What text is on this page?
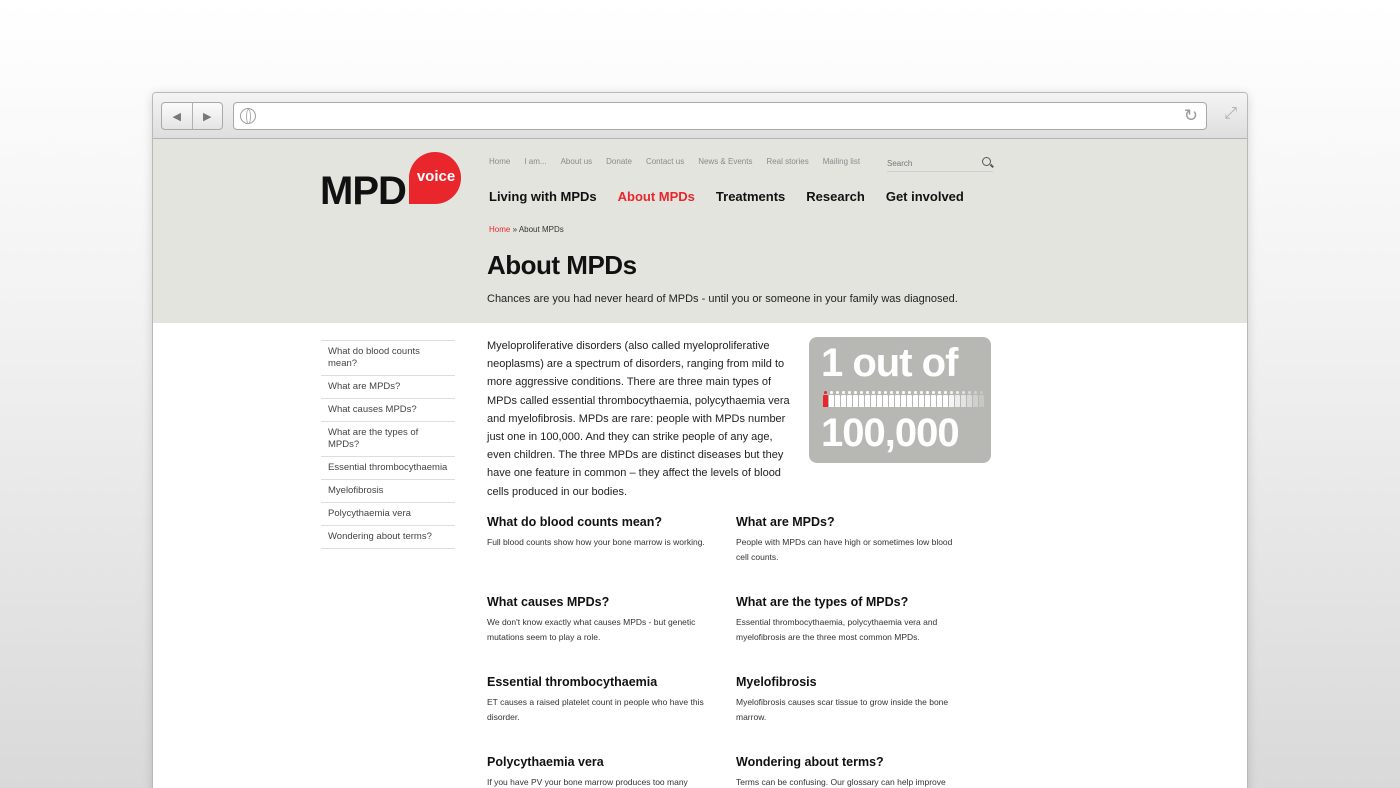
◀	▶	↻ ⤢
MPD voice
Home I am... About us Donate Contact us News & Events Real stories Mailing list
Search
Living with MPDs About MPDs Treatments Research Get involved
Home » About MPDs
About MPDs

Chances are you had never heard of MPDs - until you or someone in your family was diagnosed.

What do blood counts mean?
What are MPDs?
What causes MPDs?
What are the types of MPDs?
Essential thrombocythaemia
Myelofibrosis
Polycythaemia vera
Wondering about terms?

Myeloproliferative disorders (also called myeloproliferative neoplasms) are a spectrum of disorders, ranging from mild to more aggressive conditions. There are three main types of MPDs called essential thrombocythaemia, polycythaemia vera and myelofibrosis. MPDs are rare: people with MPDs number just one in 100,000. And they can strike people of any age, even children. The three MPDs are distinct diseases but they have one feature in common – they affect the levels of blood cells produced in our bodies.

1 out of
100,000
What do blood counts mean?

Full blood counts show how your bone marrow is working.

What are MPDs?

People with MPDs can have high or sometimes low blood cell counts.

What causes MPDs?

We don't know exactly what causes MPDs - but genetic mutations seem to play a role.

What are the types of MPDs?

Essential thrombocythaemia, polycythaemia vera and myelofibrosis are the three most common MPDs.

Essential thrombocythaemia

ET causes a raised platelet count in people who have this disorder.

Myelofibrosis

Myelofibrosis causes scar tissue to grow inside the bone marrow.

Polycythaemia vera

If you have PV your bone marrow produces too many

Wondering about terms?

Terms can be confusing. Our glossary can help improve
